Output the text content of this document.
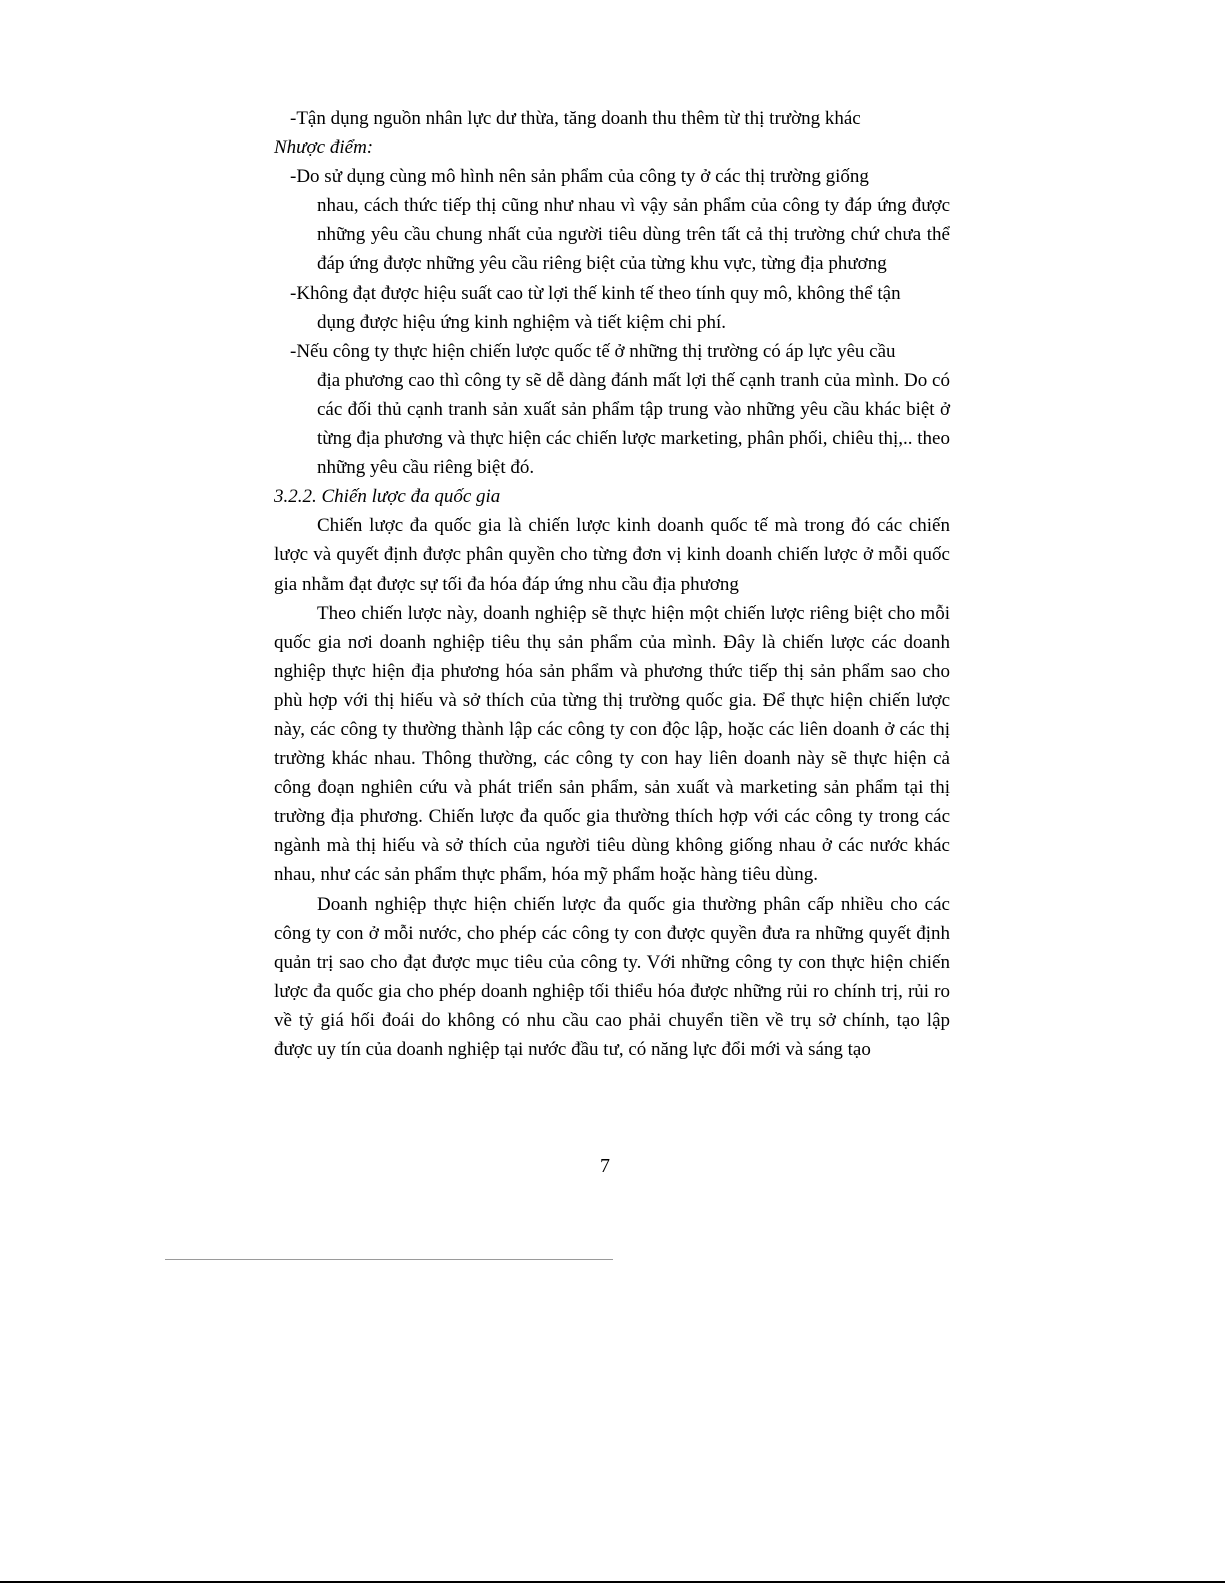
-Tận dụng nguồn nhân lực dư thừa, tăng doanh thu thêm từ thị trường khác

Nhược điểm:

-Do sử dụng cùng mô hình nên sản phẩm của công ty ở các thị trường giống

nhau, cách thức tiếp thị cũng như nhau vì vậy sản phẩm của công ty đáp ứng được những yêu cầu chung nhất của người tiêu dùng trên tất cả thị trường chứ chưa thể đáp ứng được những yêu cầu riêng biệt của từng khu vực, từng địa phương

-Không đạt được hiệu suất cao từ lợi thế kinh tế theo tính quy mô, không thể tận

dụng được hiệu ứng kinh nghiệm và tiết kiệm chi phí.

-Nếu công ty thực hiện chiến lược quốc tế ở những thị trường có áp lực yêu cầu

địa phương cao thì công ty sẽ dễ dàng đánh mất lợi thế cạnh tranh của mình. Do có các đối thủ cạnh tranh sản xuất sản phẩm tập trung vào những yêu cầu khác biệt ở từng địa phương và thực hiện các chiến lược marketing, phân phối, chiêu thị,.. theo những yêu cầu riêng biệt đó.

3.2.2. Chiến lược đa quốc gia

Chiến lược đa quốc gia là chiến lược kinh doanh quốc tế mà trong đó các chiến lược và quyết định được phân quyền cho từng đơn vị kinh doanh chiến lược ở mỗi quốc gia nhằm đạt được sự tối đa hóa đáp ứng nhu cầu địa phương

Theo chiến lược này, doanh nghiệp sẽ thực hiện một chiến lược riêng biệt cho mỗi quốc gia nơi doanh nghiệp tiêu thụ sản phẩm của mình. Đây là chiến lược các doanh nghiệp thực hiện địa phương hóa sản phẩm và phương thức tiếp thị sản phẩm sao cho phù hợp với thị hiếu và sở thích của từng thị trường quốc gia. Để thực hiện chiến lược này, các công ty thường thành lập các công ty con độc lập, hoặc các liên doanh ở các thị trường khác nhau. Thông thường, các công ty con hay liên doanh này sẽ thực hiện cả công đoạn nghiên cứu và phát triển sản phẩm, sản xuất và marketing sản phẩm tại thị trường địa phương. Chiến lược đa quốc gia thường thích hợp với các công ty trong các ngành mà thị hiếu và sở thích của người tiêu dùng không giống nhau ở các nước khác nhau, như các sản phẩm thực phẩm, hóa mỹ phẩm hoặc hàng tiêu dùng.

Doanh nghiệp thực hiện chiến lược đa quốc gia thường phân cấp nhiều cho các công ty con ở mỗi nước, cho phép các công ty con được quyền đưa ra những quyết định quản trị sao cho đạt được mục tiêu của công ty. Với những công ty con thực hiện chiến lược đa quốc gia cho phép doanh nghiệp tối thiểu hóa được những rủi ro chính trị, rủi ro về tỷ giá hối đoái do không có nhu cầu cao phải chuyển tiền về trụ sở chính, tạo lập được uy tín của doanh nghiệp tại nước đầu tư, có năng lực đổi mới và sáng tạo

7
